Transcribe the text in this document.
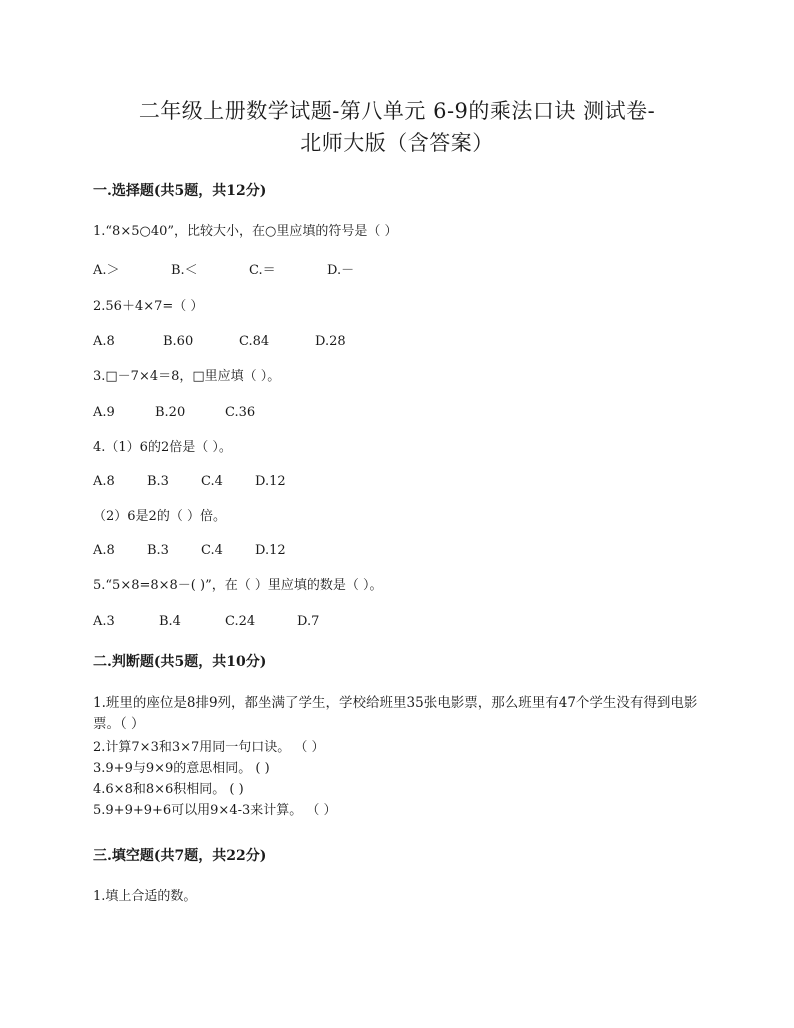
二年级上册数学试题-第八单元 6-9的乘法口诀 测试卷-
北师大版（含答案）
一.选择题(共5题，共12分)
1.“8×5○40”，比较大小，在○里应填的符号是（ ）
A.＞	B.＜	C.＝	D.－
2.56＋4×7=（ ）
A.8	B.60	C.84	D.28
3.□－7×4＝8，□里应填（ ）。
A.9	B.20	C.36
4.（1）6的2倍是（ ）。
A.8 B.3 C.4 D.12
（2）6是2的（ ）倍。
A.8 B.3 C.4 D.12
5.“5×8=8×8－( )”，在（ ）里应填的数是（ ）。
A.3	B.4	C.24	D.7
二.判断题(共5题，共10分)
1.班里的座位是8排9列，都坐满了学生，学校给班里35张电影票，那么班里有47个学生没有得到电影票。（ ）
2.计算7×3和3×7用同一句口诀。 （ ）
3.9+9与9×9的意思相同。 ( )
4.6×8和8×6积相同。 ( )
5.9+9+9+6可以用9×4-3来计算。 （ ）
三.填空题(共7题，共22分)
1.填上合适的数。
